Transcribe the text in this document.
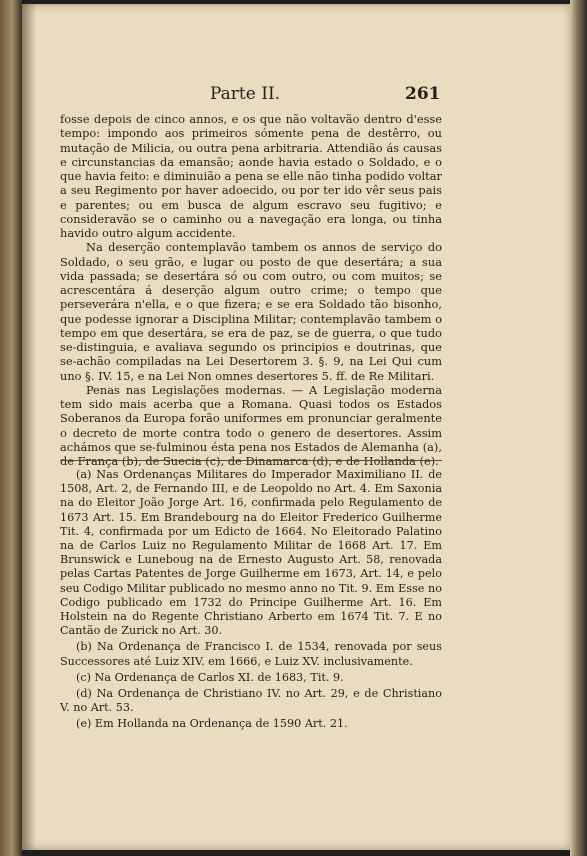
Parte II.	261

fosse depois de cinco annos, e os que não voltavão dentro d'esse tempo: impondo aos primeiros sómente pena de destêrro, ou mutação de Milicia, ou outra pena arbitraria. Attendião ás causas e circunstancias da emansão; aonde havia estado o Soldado, e o que havia feito: e diminuião a pena se elle não tinha podido voltar a seu Regimento por haver adoecido, ou por ter ido vêr seus pais e parentes; ou em busca de algum escravo seu fugitivo; e consideravão se o caminho ou a navegação era longa, ou tinha havido outro algum accidente.

Na deserção contemplavão tambem os annos de serviço do Soldado, o seu grão, e lugar ou posto de que desertára; a sua vida passada; se desertára só ou com outro, ou com muitos; se acrescentára á deserção algum outro crime; o tempo que perseverára n'ella, e o que fizera; e se era Soldado tão bisonho, que podesse ignorar a Disciplina Militar; contemplavão tambem o tempo em que desertára, se era de paz, se de guerra, o que tudo se-distinguia, e avaliava segundo os principios e doutrinas, que se-achão compiladas na Lei Desertorem 3. §. 9, na Lei Qui cum uno §. IV. 15, e na Lei Non omnes desertores 5. ff. de Re Militari.

Penas nas Legislações modernas. — A Legislação moderna tem sido mais acerba que a Romana. Quasi todos os Estados Soberanos da Europa forão uniformes em pronunciar geralmente o decreto de morte contra todo o genero de desertores. Assim achámos que se-fulminou ésta pena nos Estados de Alemanha (a), de França (b), de Suecia (c), de Dinamarca (d), e de Hollanda (e).

(a) Nas Ordenanças Militares do Imperador Maximiliano II. de 1508, Art. 2, de Fernando III, e de Leopoldo no Art. 4. Em Saxonia na do Eleitor João Jorge Art. 16, confirmada pelo Regulamento de 1673 Art. 15. Em Brandebourg na do Eleitor Frederico Guilherme Tit. 4, confirmada por um Edicto de 1664. No Eleitorado Palatino na de Carlos Luiz no Regulamento Militar de 1668 Art. 17. Em Brunswick e Luneboug na de Ernesto Augusto Art. 58, renovada pelas Cartas Patentes de Jorge Guilherme em 1673, Art. 14, e pelo seu Codigo Militar publicado no mesmo anno no Tit. 9. Em Esse no Codigo publicado em 1732 do Principe Guilherme Art. 16. Em Holstein na do Regente Christiano Arberto em 1674 Tit. 7. E no Cantão de Zurick no Art. 30.

(b) Na Ordenança de Francisco I. de 1534, renovada por seus Successores até Luiz XIV. em 1666, e Luiz XV. inclusivamente.

(c) Na Ordenança de Carlos XI. de 1683, Tit. 9.

(d) Na Ordenança de Christiano IV. no Art. 29, e de Christiano V. no Art. 53.

(e) Em Hollanda na Ordenança de 1590 Art. 21.
